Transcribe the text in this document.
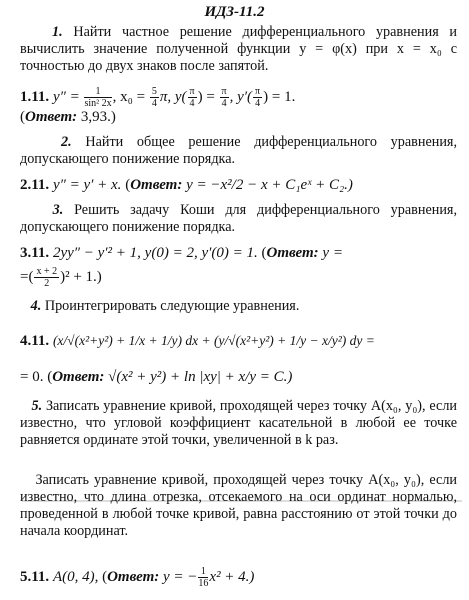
ИДЗ-11.2
1. Найти частное решение дифференциального уравнения и вычислить значение полученной функции y = φ(x) при x = x₀ с точностью до двух знаков после запятой.
1.11. $y'' = \frac{1}{\text{sin² 2x}}$ , $x_0 = \frac{5}{4} \pi$, $y( \frac{\pi}{4}$ ) = $\frac{\pi}{4}$ , $y'( \frac{\pi}{4}$ ) = 1.
(Ответ: 3,93.)
2. Найти общее решение дифференциального уравнения, допускающего понижение порядка.
2.11. y″ = y′ + x. (Ответ: y = −x²/2 − x + C₁eˣ + C₂.)
3. Решить задачу Коши для дифференциального уравнения, допускающего понижение порядка.
3.11. 2yy″ − y′² + 1, y(0) = 2, y′(0) = 1. (Ответ: y =
=( $\frac{x + 2}{2} )^2 + 1$.)
4. Проинтегрировать следующие уравнения.
4.11. (x/√(x²+y²) + 1/x + 1/y) dx + (y/√(x²+y²) + 1/y − x/y²) dy =
= 0. (Ответ: √(x² + y²) + ln |xy| + x/y = C.)
5. Записать уравнение кривой, проходящей через точку A(x₀, y₀), если известно, что угловой коэффициент касательной в любой ее точке равняется ординате этой точки, увеличенной в k раз.
Записать уравнение кривой, проходящей через точку A(x₀, y₀), если известно, что длина отрезка, отсекаемого на оси ординат нормалью, проведенной в любой точке кривой, равна расстоянию от этой точки до начала координат.
5.11. A(0, 4), (Ответ: y = − $\frac{1}{16} x^2 + 4$.)
